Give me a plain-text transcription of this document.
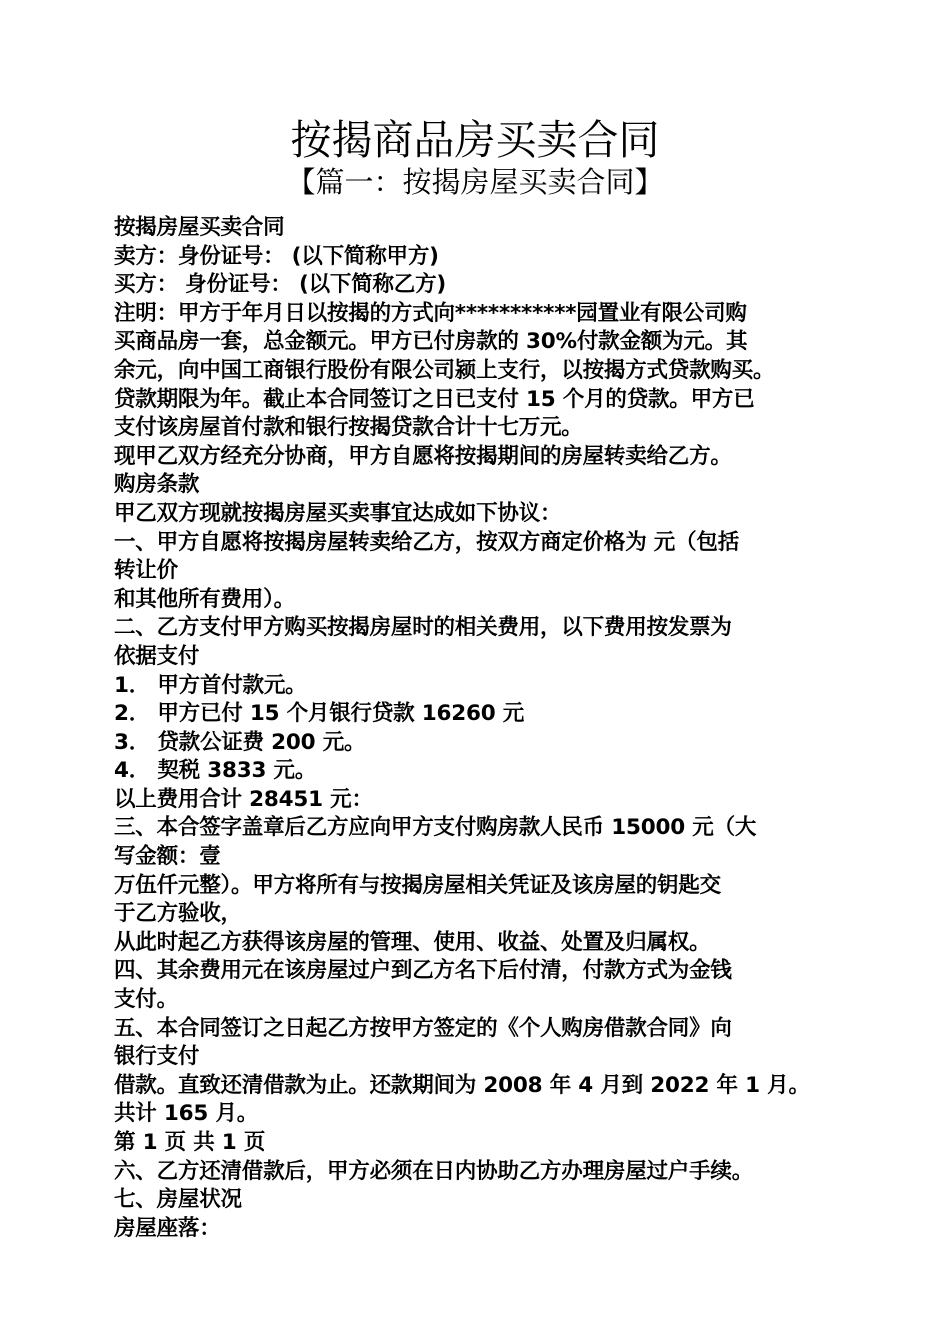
按揭商品房买卖合同
【篇一：按揭房屋买卖合同】
按揭房屋买卖合同
卖方：身份证号： (以下简称甲方)
买方： 身份证号： (以下简称乙方)
注明：甲方于年月日以按揭的方式向***********园置业有限公司购
买商品房一套，总金额元。甲方已付房款的 30%付款金额为元。其
余元，向中国工商银行股份有限公司颍上支行，以按揭方式贷款购买。
贷款期限为年。截止本合同签订之日已支付 15 个月的贷款。甲方已
支付该房屋首付款和银行按揭贷款合计十七万元。
现甲乙双方经充分协商，甲方自愿将按揭期间的房屋转卖给乙方。
购房条款
甲乙双方现就按揭房屋买卖事宜达成如下协议：
一、甲方自愿将按揭房屋转卖给乙方，按双方商定价格为 元（包括
转让价
和其他所有费用）。
二、乙方支付甲方购买按揭房屋时的相关费用，以下费用按发票为
依据支付
1． 甲方首付款元。
2． 甲方已付 15 个月银行贷款 16260 元
3． 贷款公证费 200 元。
4． 契税 3833 元。
以上费用合计 28451 元：
三、本合签字盖章后乙方应向甲方支付购房款人民币 15000 元（大
写金额：壹
万伍仟元整）。甲方将所有与按揭房屋相关凭证及该房屋的钥匙交
于乙方验收，
从此时起乙方获得该房屋的管理、使用、收益、处置及归属权。
四、其余费用元在该房屋过户到乙方名下后付清，付款方式为金钱
支付。
五、本合同签订之日起乙方按甲方签定的《个人购房借款合同》向
银行支付
借款。直致还清借款为止。还款期间为 2008 年 4 月到 2022 年 1 月。
共计 165 月。
第 1 页 共 1 页
六、乙方还清借款后，甲方必须在日内协助乙方办理房屋过户手续。
七、房屋状况
房屋座落：
